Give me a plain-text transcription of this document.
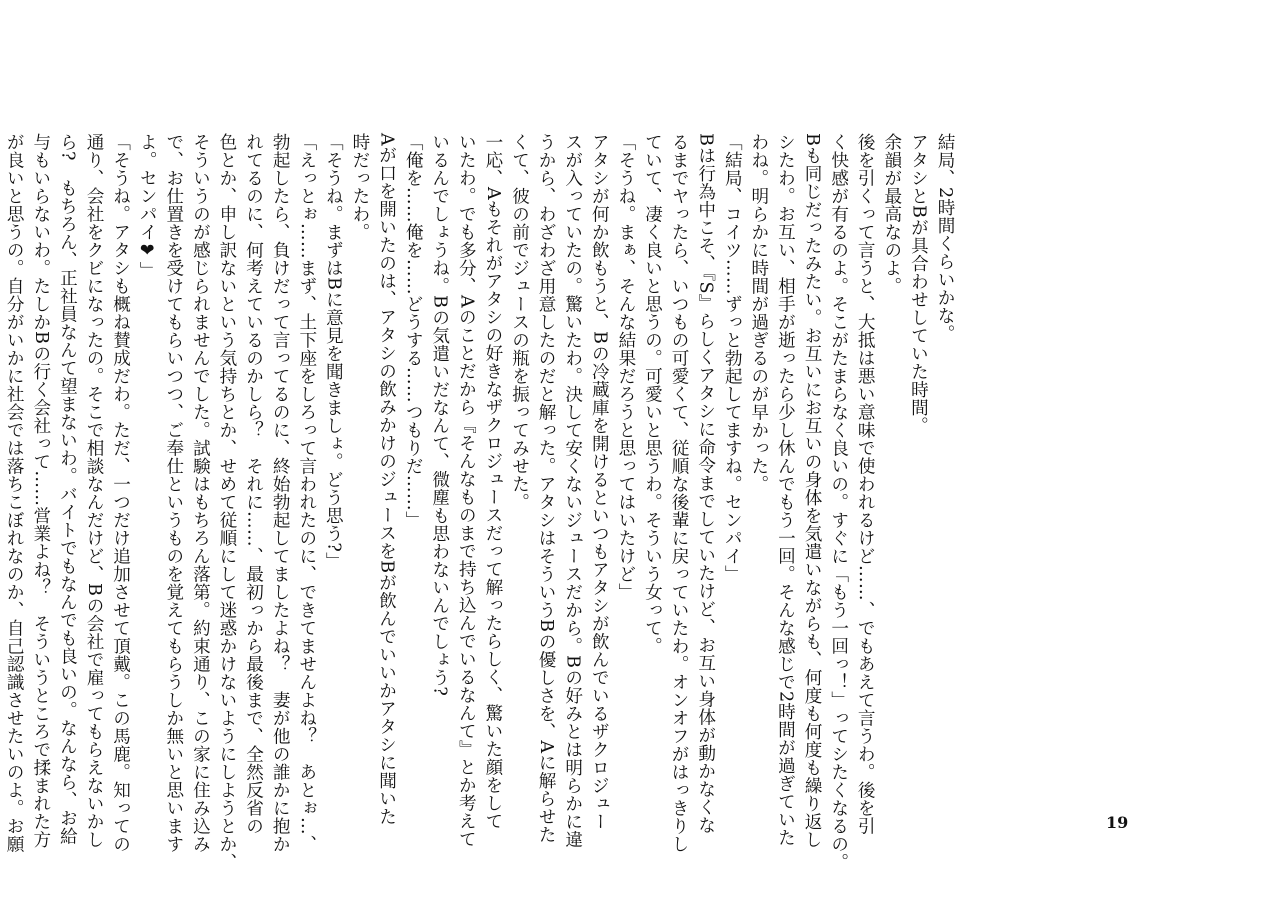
結局、2時間くらいかな。

アタシとBが具合わせしていた時間。

余韻が最高なのよ。

後を引くって言うと、大抵は悪い意味で使われるけど……、でもあえて言うわ。後を引

く快感が有るのよ。そこがたまらなく良いの。すぐに「もう一回っ！」ってシたくなるの。

Bも同じだったみたい。お互いにお互いの身体を気遣いながらも、何度も何度も繰り返し

シたわ。お互い、相手が逝ったら少し休んでもう一回。そんな感じで2時間が過ぎていた

わね。明らかに時間が過ぎるのが早かった。

「結局、コイツ……ずっと勃起してますね。センパイ」

Bは行為中こそ、『S』らしくアタシに命令までしていたけど、お互い身体が動かなくな

るまでヤったら、いつもの可愛くて、従順な後輩に戻っていたわ。オンオフがはっきりし

ていて、凄く良いと思うの。可愛いと思うわ。そういう女って。

「そうね。まぁ、そんな結果だろうと思ってはいたけど」

アタシが何か飲もうと、Bの冷蔵庫を開けるといつもアタシが飲んでいるザクロジュー

スが入っていたの。驚いたわ。決して安くないジュースだから。Bの好みとは明らかに違

うから、わざわざ用意したのだと解った。アタシはそういうBの優しさを、Aに解らせた

くて、彼の前でジュースの瓶を振ってみせた。

一応、Aもそれがアタシの好きなザクロジュースだって解ったらしく、驚いた顔をして

いたわ。でも多分、Aのことだから『そんなものまで持ち込んでいるなんて』とか考えて

いるんでしょうね。Bの気遣いだなんて、微塵も思わないんでしょう?

「俺を……俺を……どうする……つもりだ……」

Aが口を開いたのは、アタシの飲みかけのジュースをBが飲んでいいかアタシに聞いた

時だったわ。

「そうね。まずはBに意見を聞きましょ。どう思う?」

「えっとぉ……まず、土下座をしろって言われたのに、できてませんよね？　あとぉ…、

勃起したら、負けだって言ってるのに、終始勃起してましたよね？　妻が他の誰かに抱か

れてるのに、何考えているのかしら？　それに……、最初っから最後まで、全然反省の

色とか、申し訳ないという気持ちとか、せめて従順にして迷惑かけないようにしようとか、

そういうのが感じられませんでした。試験はもちろん落第。約束通り、この家に住み込み

で、お仕置きを受けてもらいつつ、ご奉仕というものを覚えてもらうしか無いと思います

よ。センパイ❤」

「そうね。アタシも概ね賛成だわ。ただ、一つだけ追加させて頂戴。この馬鹿。知っての

通り、会社をクビになったの。そこで相談なんだけど、Bの会社で雇ってもらえないかし

ら?　もちろん、正社員なんて望まないわ。バイトでもなんでも良いの。なんなら、お給

与もいらないわ。たしかBの行く会社って……営業よね？　そういうところで揉まれた方

が良いと思うの。自分がいかに社会では落ちこぼれなのか、自己認識させたいのよ。お願	19
